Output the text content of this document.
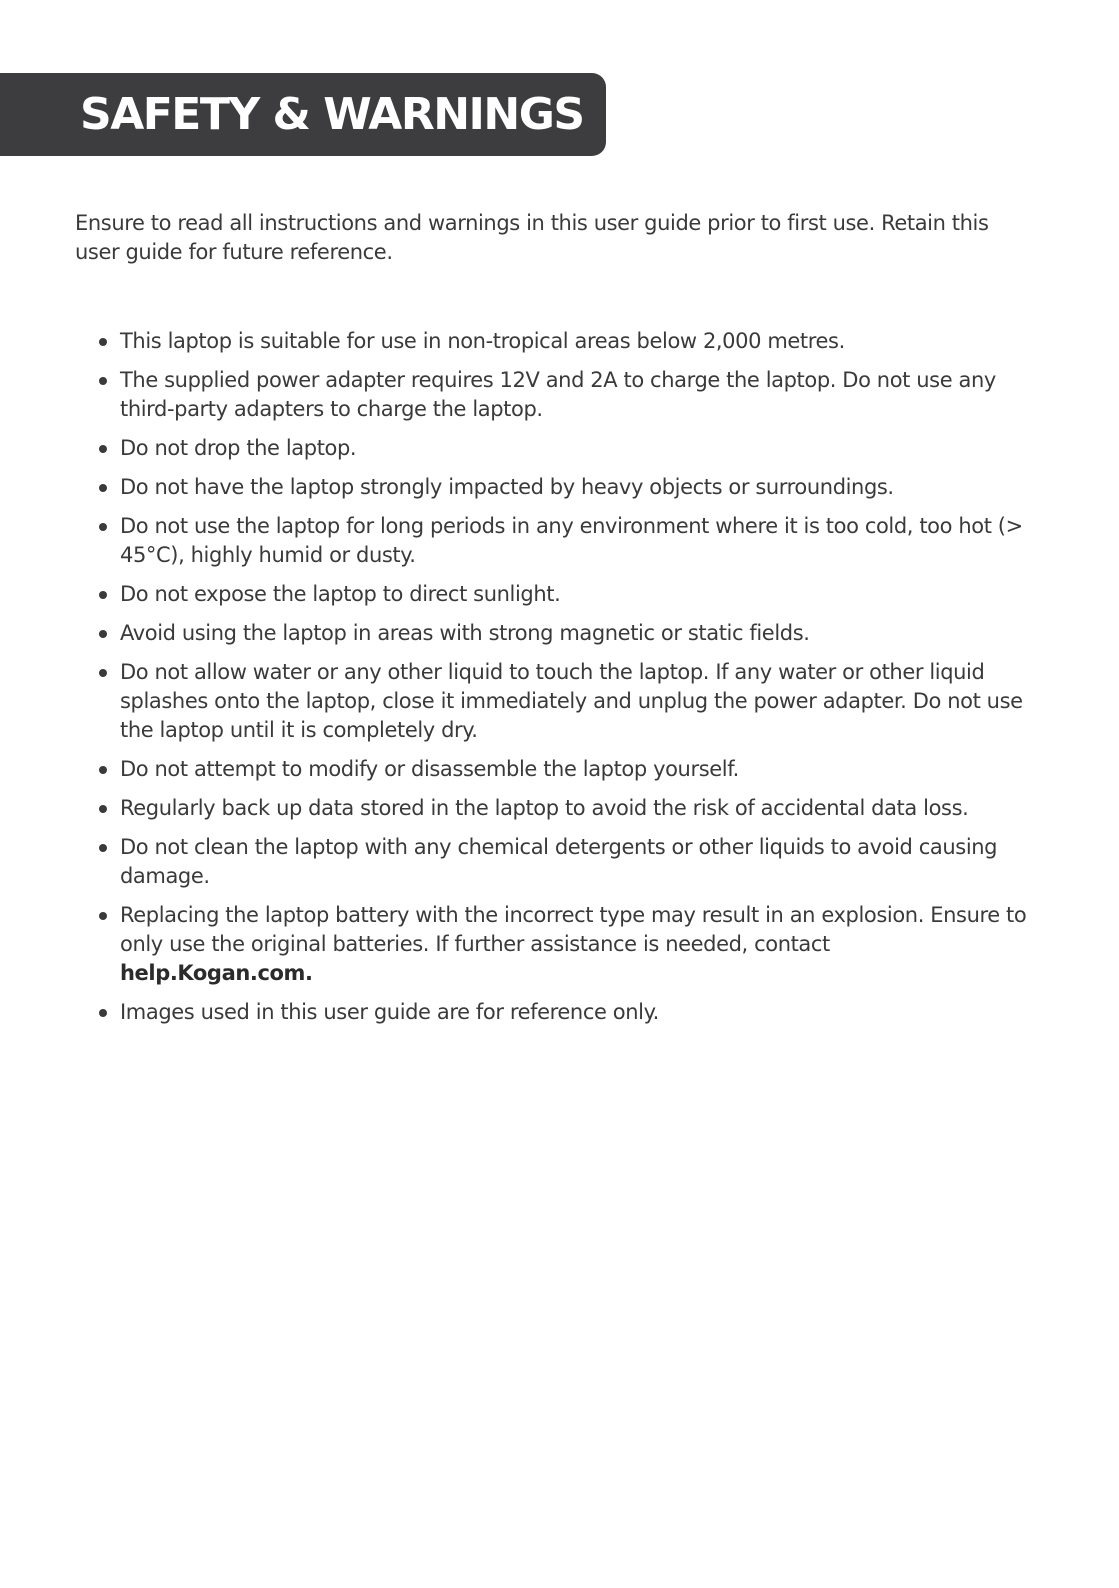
SAFETY & WARNINGS

Ensure to read all instructions and warnings in this user guide prior to first use. Retain this user guide for future reference.

This laptop is suitable for use in non-tropical areas below 2,000 metres.
The supplied power adapter requires 12V and 2A to charge the laptop. Do not use any third-party adapters to charge the laptop.
Do not drop the laptop.
Do not have the laptop strongly impacted by heavy objects or surroundings.
Do not use the laptop for long periods in any environment where it is too cold, too hot (> 45°C), highly humid or dusty.
Do not expose the laptop to direct sunlight.
Avoid using the laptop in areas with strong magnetic or static fields.
Do not allow water or any other liquid to touch the laptop. If any water or other liquid splashes onto the laptop, close it immediately and unplug the power adapter. Do not use the laptop until it is completely dry.
Do not attempt to modify or disassemble the laptop yourself.
Regularly back up data stored in the laptop to avoid the risk of accidental data loss.
Do not clean the laptop with any chemical detergents or other liquids to avoid causing damage.
Replacing the laptop battery with the incorrect type may result in an explosion. Ensure to only use the original batteries. If further assistance is needed, contact
help.Kogan.com.
Images used in this user guide are for reference only.
